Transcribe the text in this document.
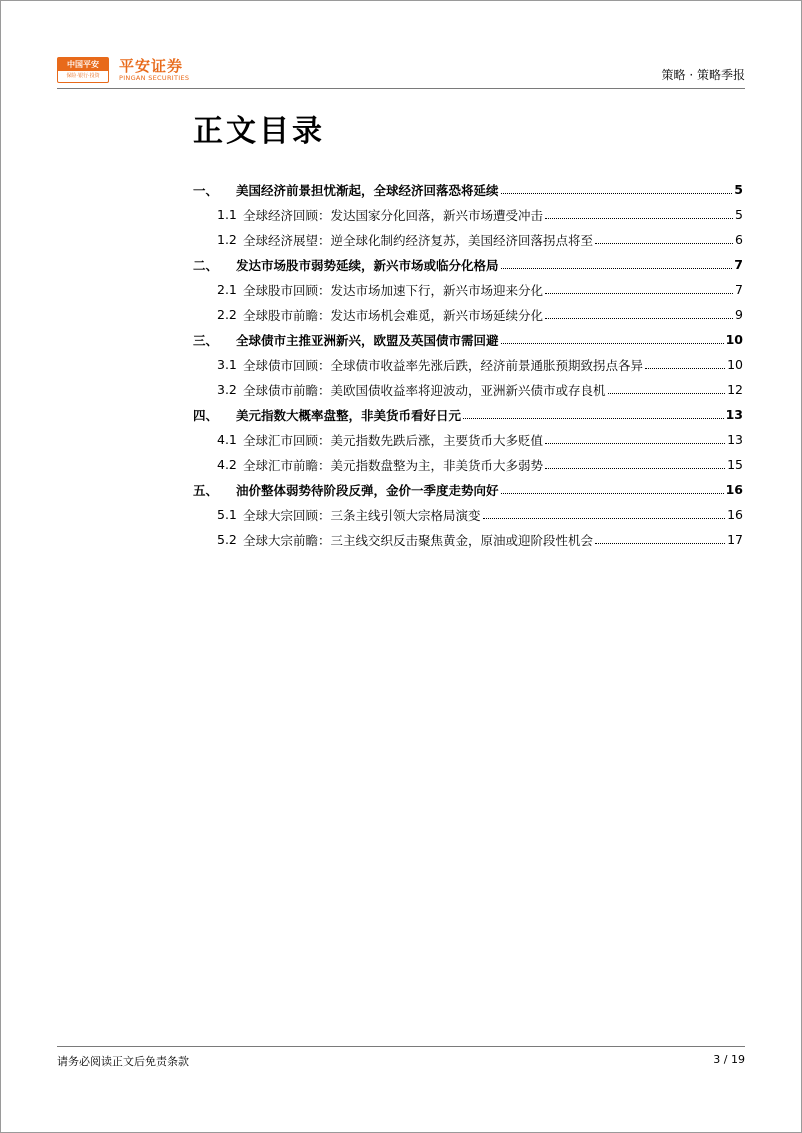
中国平安
保险·银行·投资
平安证券
PINGAN SECURITIES	策略 · 策略季报
正文目录
一、	美国经济前景担忧渐起，全球经济回落恐将延续	5
1.1 全球经济回顾：发达国家分化回落，新兴市场遭受冲击	5
1.2 全球经济展望：逆全球化制约经济复苏，美国经济回落拐点将至	6
二、	发达市场股市弱势延续，新兴市场或临分化格局	7
2.1 全球股市回顾：发达市场加速下行，新兴市场迎来分化	7
2.2 全球股市前瞻：发达市场机会难觅，新兴市场延续分化	9
三、	全球债市主推亚洲新兴，欧盟及英国债市需回避	10
3.1 全球债市回顾：全球债市收益率先涨后跌，经济前景通胀预期致拐点各异	10
3.2 全球债市前瞻：美欧国债收益率将迎波动，亚洲新兴债市或存良机	12
四、	美元指数大概率盘整，非美货币看好日元	13
4.1 全球汇市回顾：美元指数先跌后涨，主要货币大多贬值	13
4.2 全球汇市前瞻：美元指数盘整为主，非美货币大多弱势	15
五、	油价整体弱势待阶段反弹，金价一季度走势向好	16
5.1 全球大宗回顾：三条主线引领大宗格局演变	16
5.2 全球大宗前瞻：三主线交织反击聚焦黄金，原油或迎阶段性机会	17
请务必阅读正文后免责条款	3 / 19
